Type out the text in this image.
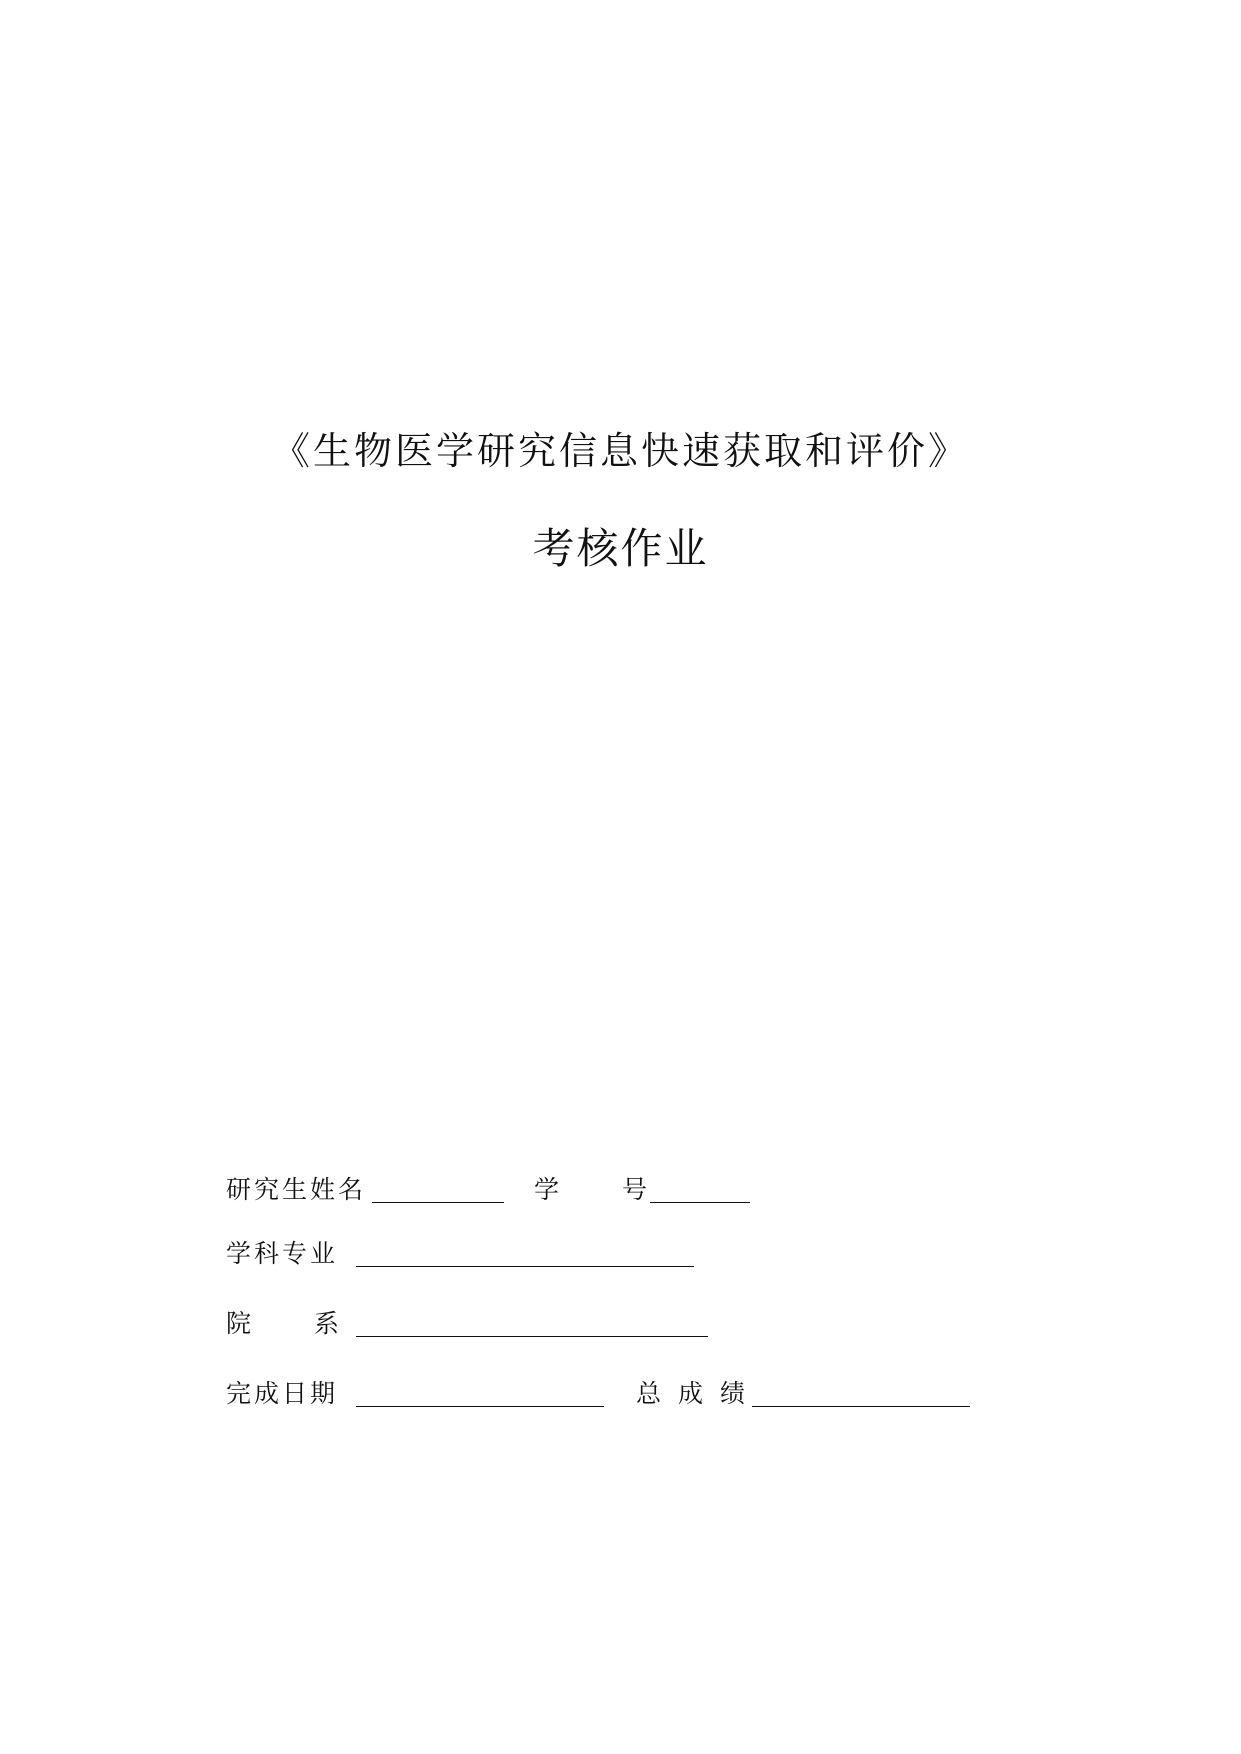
《生物医学研究信息快速获取和评价》
考核作业
研究生姓名	学 号
学科专业
院 系
完成日期	总 成 绩
